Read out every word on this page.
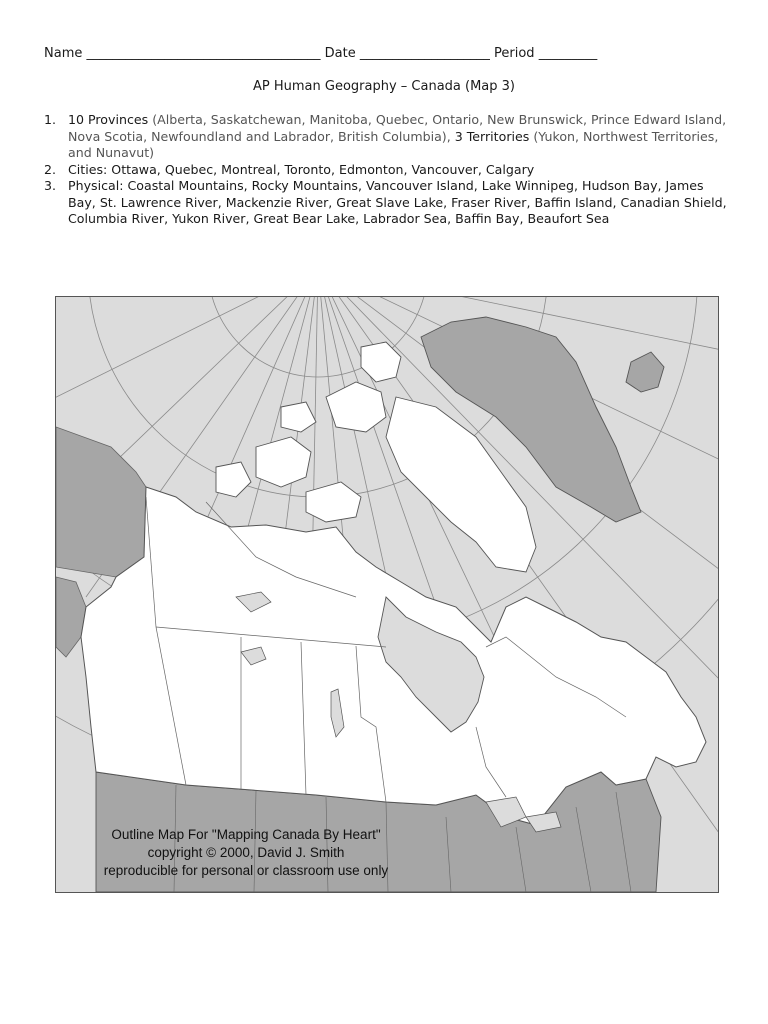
Name ____________________________________ Date ____________________ Period _________
AP Human Geography – Canada (Map 3)
1. 10 Provinces (Alberta, Saskatchewan, Manitoba, Quebec, Ontario, New Brunswick, Prince Edward Island, Nova Scotia, Newfoundland and Labrador, British Columbia), 3 Territories (Yukon, Northwest Territories, and Nunavut)
2. Cities: Ottawa, Quebec, Montreal, Toronto, Edmonton, Vancouver, Calgary
3. Physical: Coastal Mountains, Rocky Mountains, Vancouver Island, Lake Winnipeg, Hudson Bay, James Bay, St. Lawrence River, Mackenzie River, Great Slave Lake, Fraser River, Baffin Island, Canadian Shield, Columbia River, Yukon River, Great Bear Lake, Labrador Sea, Baffin Bay, Beaufort Sea
Outline Map For "Mapping Canada By Heart"
copyright © 2000, David J. Smith
reproducible for personal or classroom use only
